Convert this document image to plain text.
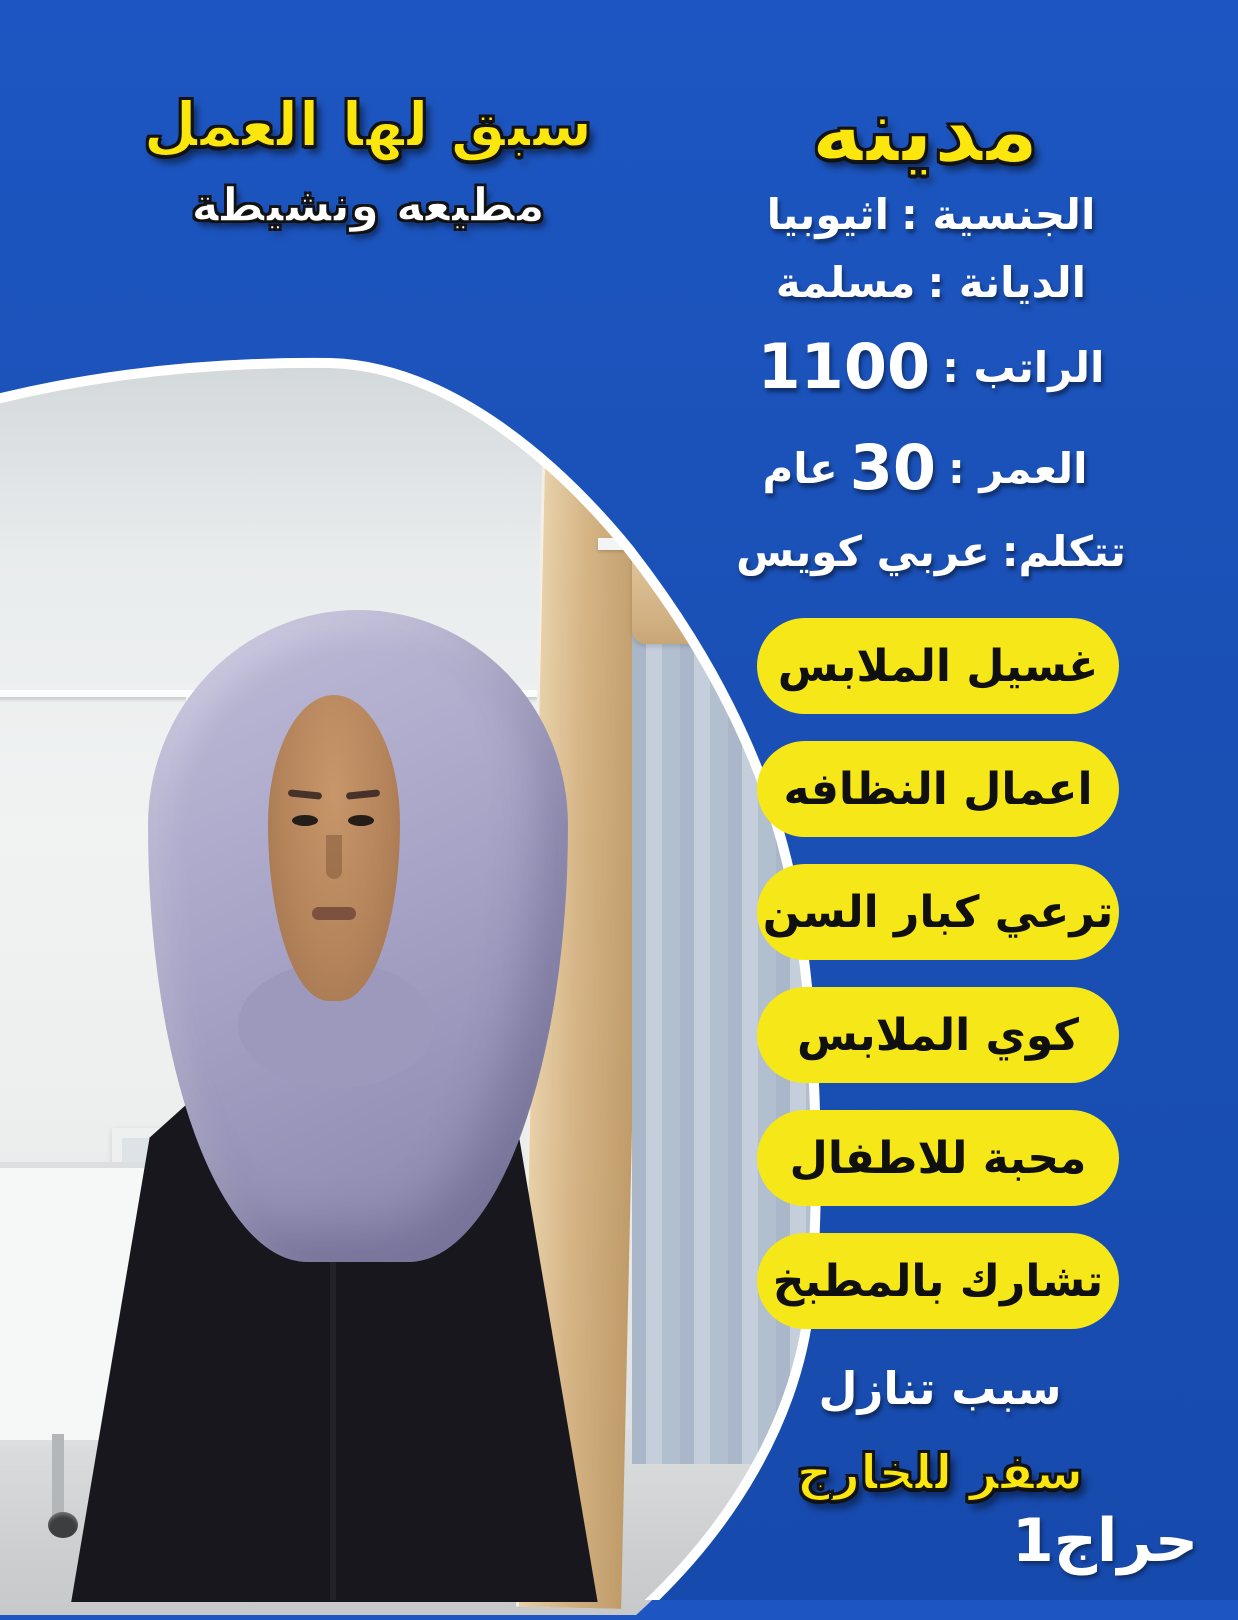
سبق لها العمل
مطيعه ونشيطة
مدينه
الجنسية :اثيوبيا
الديانة :مسلمة
الراتب :1100
العمر :30عام
تتكلم:عربي كويس
غسيل الملابس
اعمال النظافه
ترعي كبار السن
كوي الملابس
محبة للاطفال
تشارك بالمطبخ
سبب تنازل
سفر للخارج
حراج1
